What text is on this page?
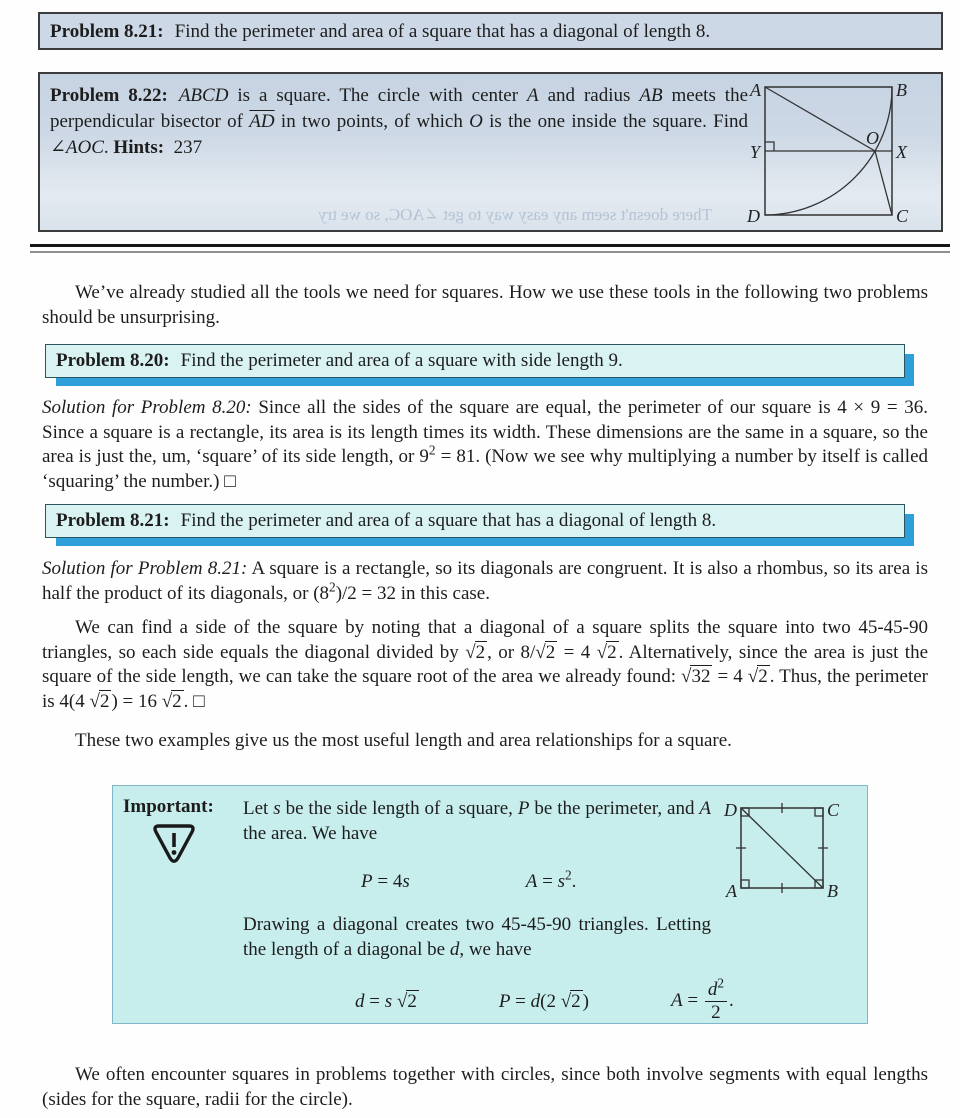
Problem 8.21: Find the perimeter and area of a square that has a diagonal of length 8.
Problem 8.22: ABCD is a square. The circle with center A and radius AB meets the perpendicular bisector of $\overline{AD}$ in two points, of which O is the one inside the square. Find ∠AOC. Hints: 237
There doesn't seem any easy way to get ∠AOC, so we try
A	B
Y	X
D	C
O

We’ve already studied all the tools we need for squares. How we use these tools in the following two problems should be unsurprising.

Problem 8.20: Find the perimeter and area of a square with side length 9.

Solution for Problem 8.20: Since all the sides of the square are equal, the perimeter of our square is 4 × 9 = 36. Since a square is a rectangle, its area is its length times its width. These dimensions are the same in a square, so the area is just the, um, ‘square’ of its side length, or $9^2 = 81$. (Now we see why multiplying a number by itself is called ‘squaring’ the number.) □

Problem 8.21: Find the perimeter and area of a square that has a diagonal of length 8.

Solution for Problem 8.21: A square is a rectangle, so its diagonals are congruent. It is also a rhombus, so its area is half the product of its diagonals, or $(8^2)/2 = 32$ in this case.

We can find a side of the square by noting that a diagonal of a square splits the square into two 45-45-90 triangles, so each side equals the diagonal divided by √2 , or 8/√2 = 4 √2 . Alternatively, since the area is just the square of the side length, we can take the square root of the area we already found: √32 = 4 √2 . Thus, the perimeter is 4(4 √2 ) = 16 √2 . □

These two examples give us the most useful length and area relationships for a square.

Important:	D	C
A	B
Let s be the side length of a square, P be the perimeter, and A the area. We have
P = 4s	$A = s^2$.
Drawing a diagonal creates two 45-45-90 triangles. Letting the length of a diagonal be d, we have
d = s √2	P = d(2 √2 )	$A = \frac{d^2}{2}$ .

We often encounter squares in problems together with circles, since both involve segments with equal lengths (sides for the square, radii for the circle).
